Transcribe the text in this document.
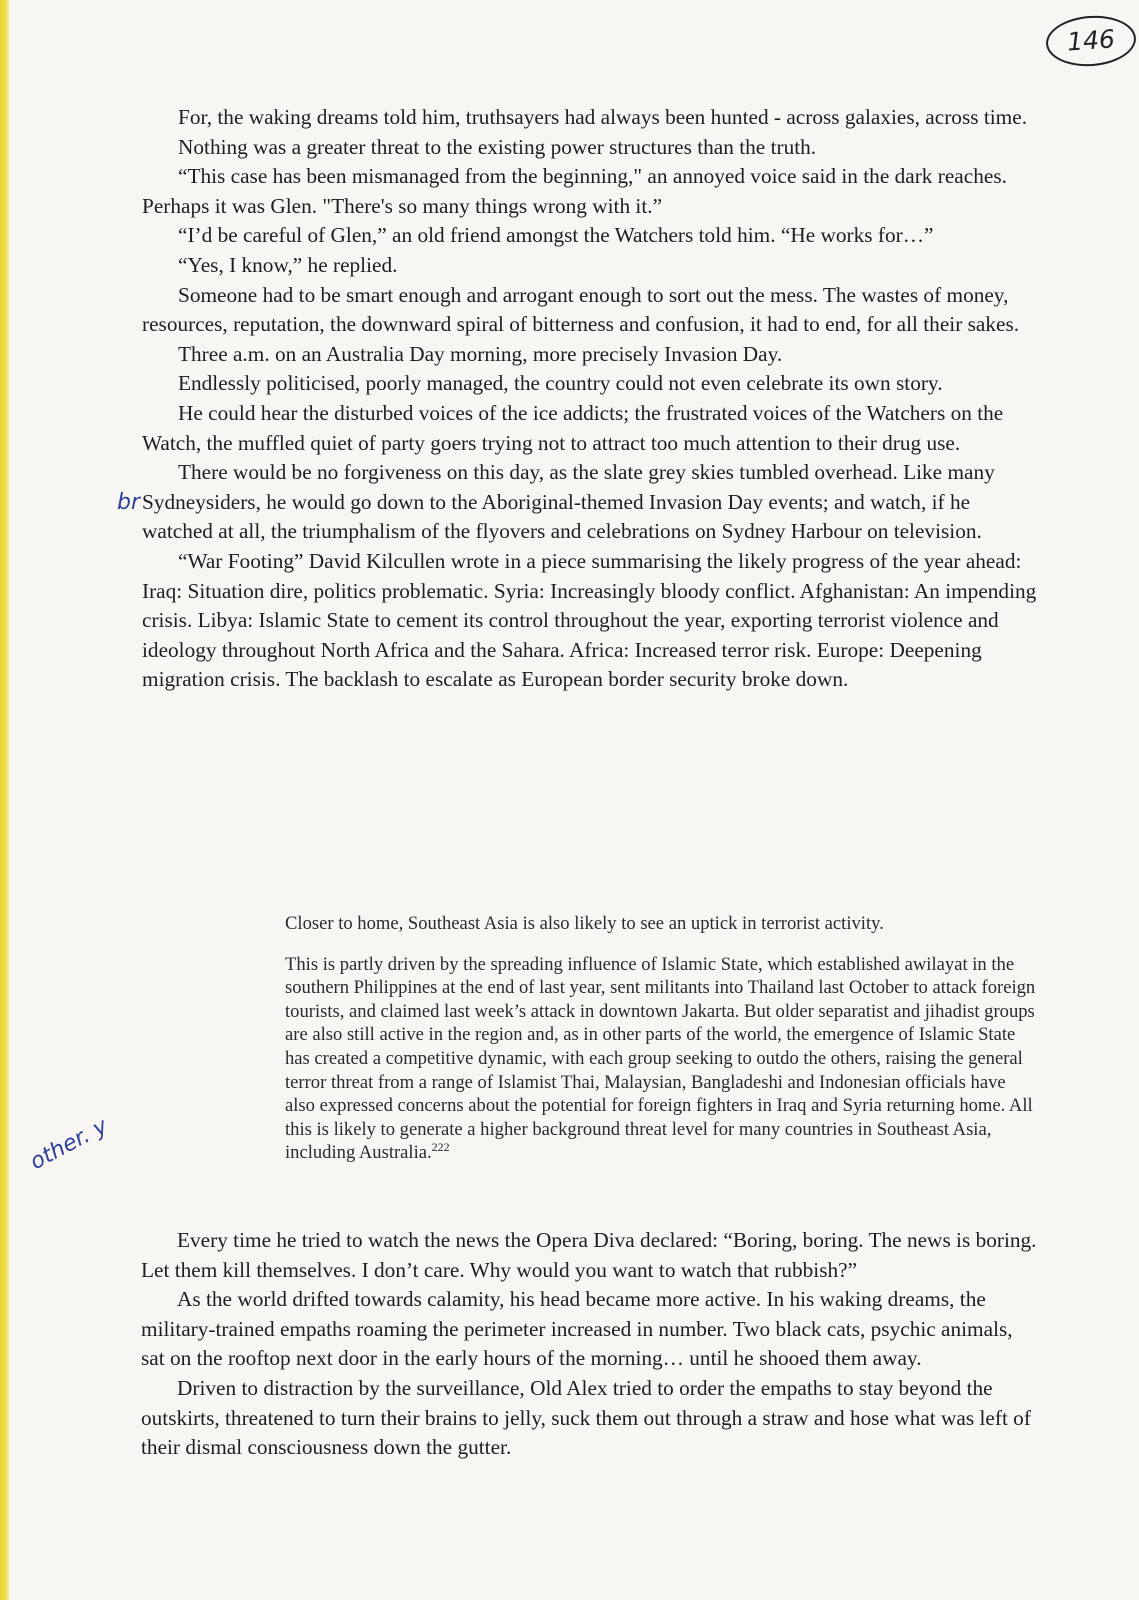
146

For, the waking dreams told him, truthsayers had always been hunted - across galaxies, across time.

Nothing was a greater threat to the existing power structures than the truth.

“This case has been mismanaged from the beginning," an annoyed voice said in the dark reaches. Perhaps it was Glen. "There's so many things wrong with it.”

“I’d be careful of Glen,” an old friend amongst the Watchers told him. “He works for…”

“Yes, I know,” he replied.

Someone had to be smart enough and arrogant enough to sort out the mess. The wastes of money, resources, reputation, the downward spiral of bitterness and confusion, it had to end, for all their sakes.

Three a.m. on an Australia Day morning, more precisely Invasion Day.

Endlessly politicised, poorly managed, the country could not even celebrate its own story.

He could hear the disturbed voices of the ice addicts; the frustrated voices of the Watchers on the Watch, the muffled quiet of party goers trying not to attract too much attention to their drug use.

There would be no forgiveness on this day, as the slate grey skies tumbled overhead. Like many Sydneysiders, he would go down to the Aboriginal-themed Invasion Day events; and watch, if he watched at all, the triumphalism of the flyovers and celebrations on Sydney Harbour on television.

“War Footing” David Kilcullen wrote in a piece summarising the likely progress of the year ahead: Iraq: Situation dire, politics problematic. Syria: Increasingly bloody conflict. Afghanistan: An impending crisis. Libya: Islamic State to cement its control throughout the year, exporting terrorist violence and ideology throughout North Africa and the Sahara. Africa: Increased terror risk. Europe: Deepening migration crisis. The backlash to escalate as European border security broke down.

Closer to home, Southeast Asia is also likely to see an uptick in terrorist activity.

This is partly driven by the spreading influence of Islamic State, which established awilayat in the southern Philippines at the end of last year, sent militants into Thailand last October to attack foreign tourists, and claimed last week’s attack in downtown Jakarta. But older separatist and jihadist groups are also still active in the region and, as in other parts of the world, the emergence of Islamic State has created a competitive dynamic, with each group seeking to outdo the others, raising the general terror threat from a range of Islamist Thai, Malaysian, Bangladeshi and Indonesian officials have also expressed concerns about the potential for foreign fighters in Iraq and Syria returning home. All this is likely to generate a higher background threat level for many countries in Southeast Asia, including Australia.$^{222}$

Every time he tried to watch the news the Opera Diva declared: “Boring, boring. The news is boring. Let them kill themselves. I don’t care. Why would you want to watch that rubbish?”

As the world drifted towards calamity, his head became more active. In his waking dreams, the military-trained empaths roaming the perimeter increased in number. Two black cats, psychic animals, sat on the rooftop next door in the early hours of the morning… until he shooed them away.

Driven to distraction by the surveillance, Old Alex tried to order the empaths to stay beyond the outskirts, threatened to turn their brains to jelly, suck them out through a straw and hose what was left of their dismal consciousness down the gutter.

br
other. y
